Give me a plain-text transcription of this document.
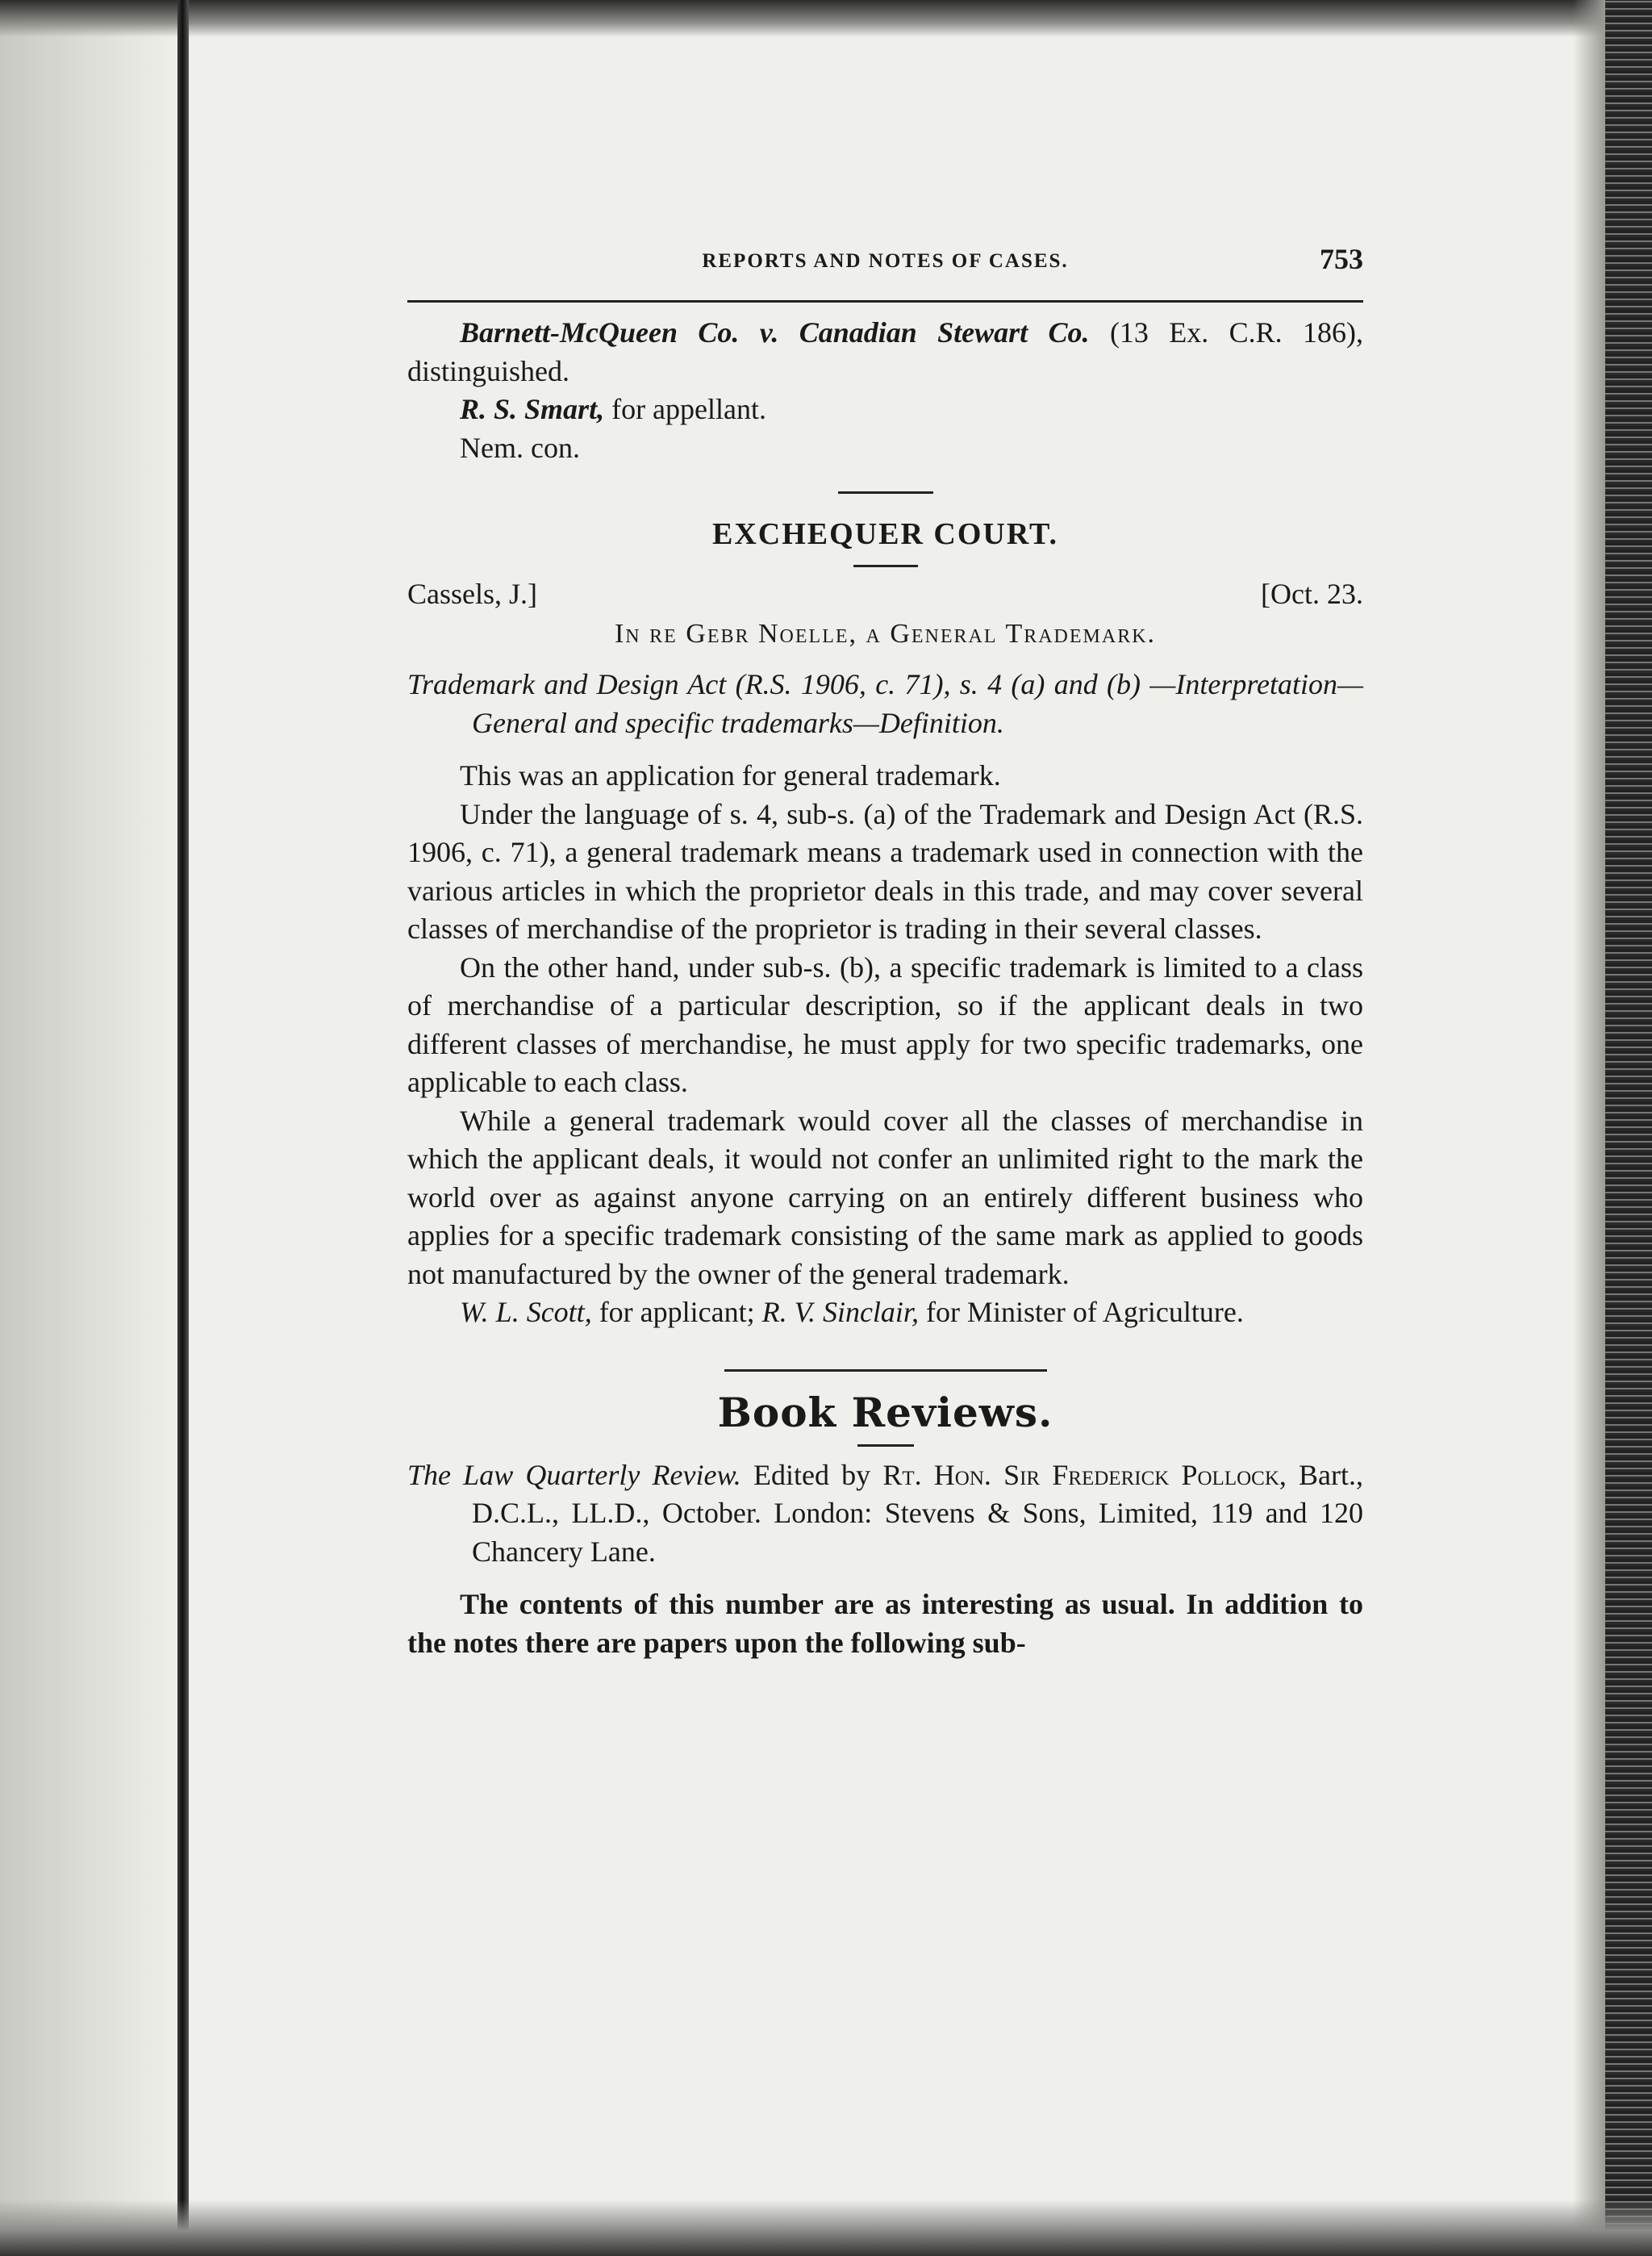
REPORTS AND NOTES OF CASES.	753

Barnett-McQueen Co. v. Canadian Stewart Co. (13 Ex. C.R. 186), distinguished.

R. S. Smart, for appellant.

Nem. con.

EXCHEQUER COURT.
Cassels, J.]	[Oct. 23.
In re Gebr Noelle, a General Trademark.

Trademark and Design Act (R.S. 1906, c. 71), s. 4 (a) and (b) —Interpretation—General and specific trademarks—Definition.

This was an application for general trademark.

Under the language of s. 4, sub-s. (a) of the Trademark and Design Act (R.S. 1906, c. 71), a general trademark means a trademark used in connection with the various articles in which the proprietor deals in this trade, and may cover several classes of merchandise of the proprietor is trading in their several classes.

On the other hand, under sub-s. (b), a specific trademark is limited to a class of merchandise of a particular description, so if the applicant deals in two different classes of merchandise, he must apply for two specific trademarks, one applicable to each class.

While a general trademark would cover all the classes of merchandise in which the applicant deals, it would not confer an unlimited right to the mark the world over as against anyone carrying on an entirely different business who applies for a specific trademark consisting of the same mark as applied to goods not manufactured by the owner of the general trademark.

W. L. Scott, for applicant; R. V. Sinclair, for Minister of Agriculture.

Book Reviews.

The Law Quarterly Review. Edited by Rt. Hon. Sir Frederick Pollock, Bart., D.C.L., LL.D., October. London: Stevens & Sons, Limited, 119 and 120 Chancery Lane.

The contents of this number are as interesting as usual. In addition to the notes there are papers upon the following sub-
